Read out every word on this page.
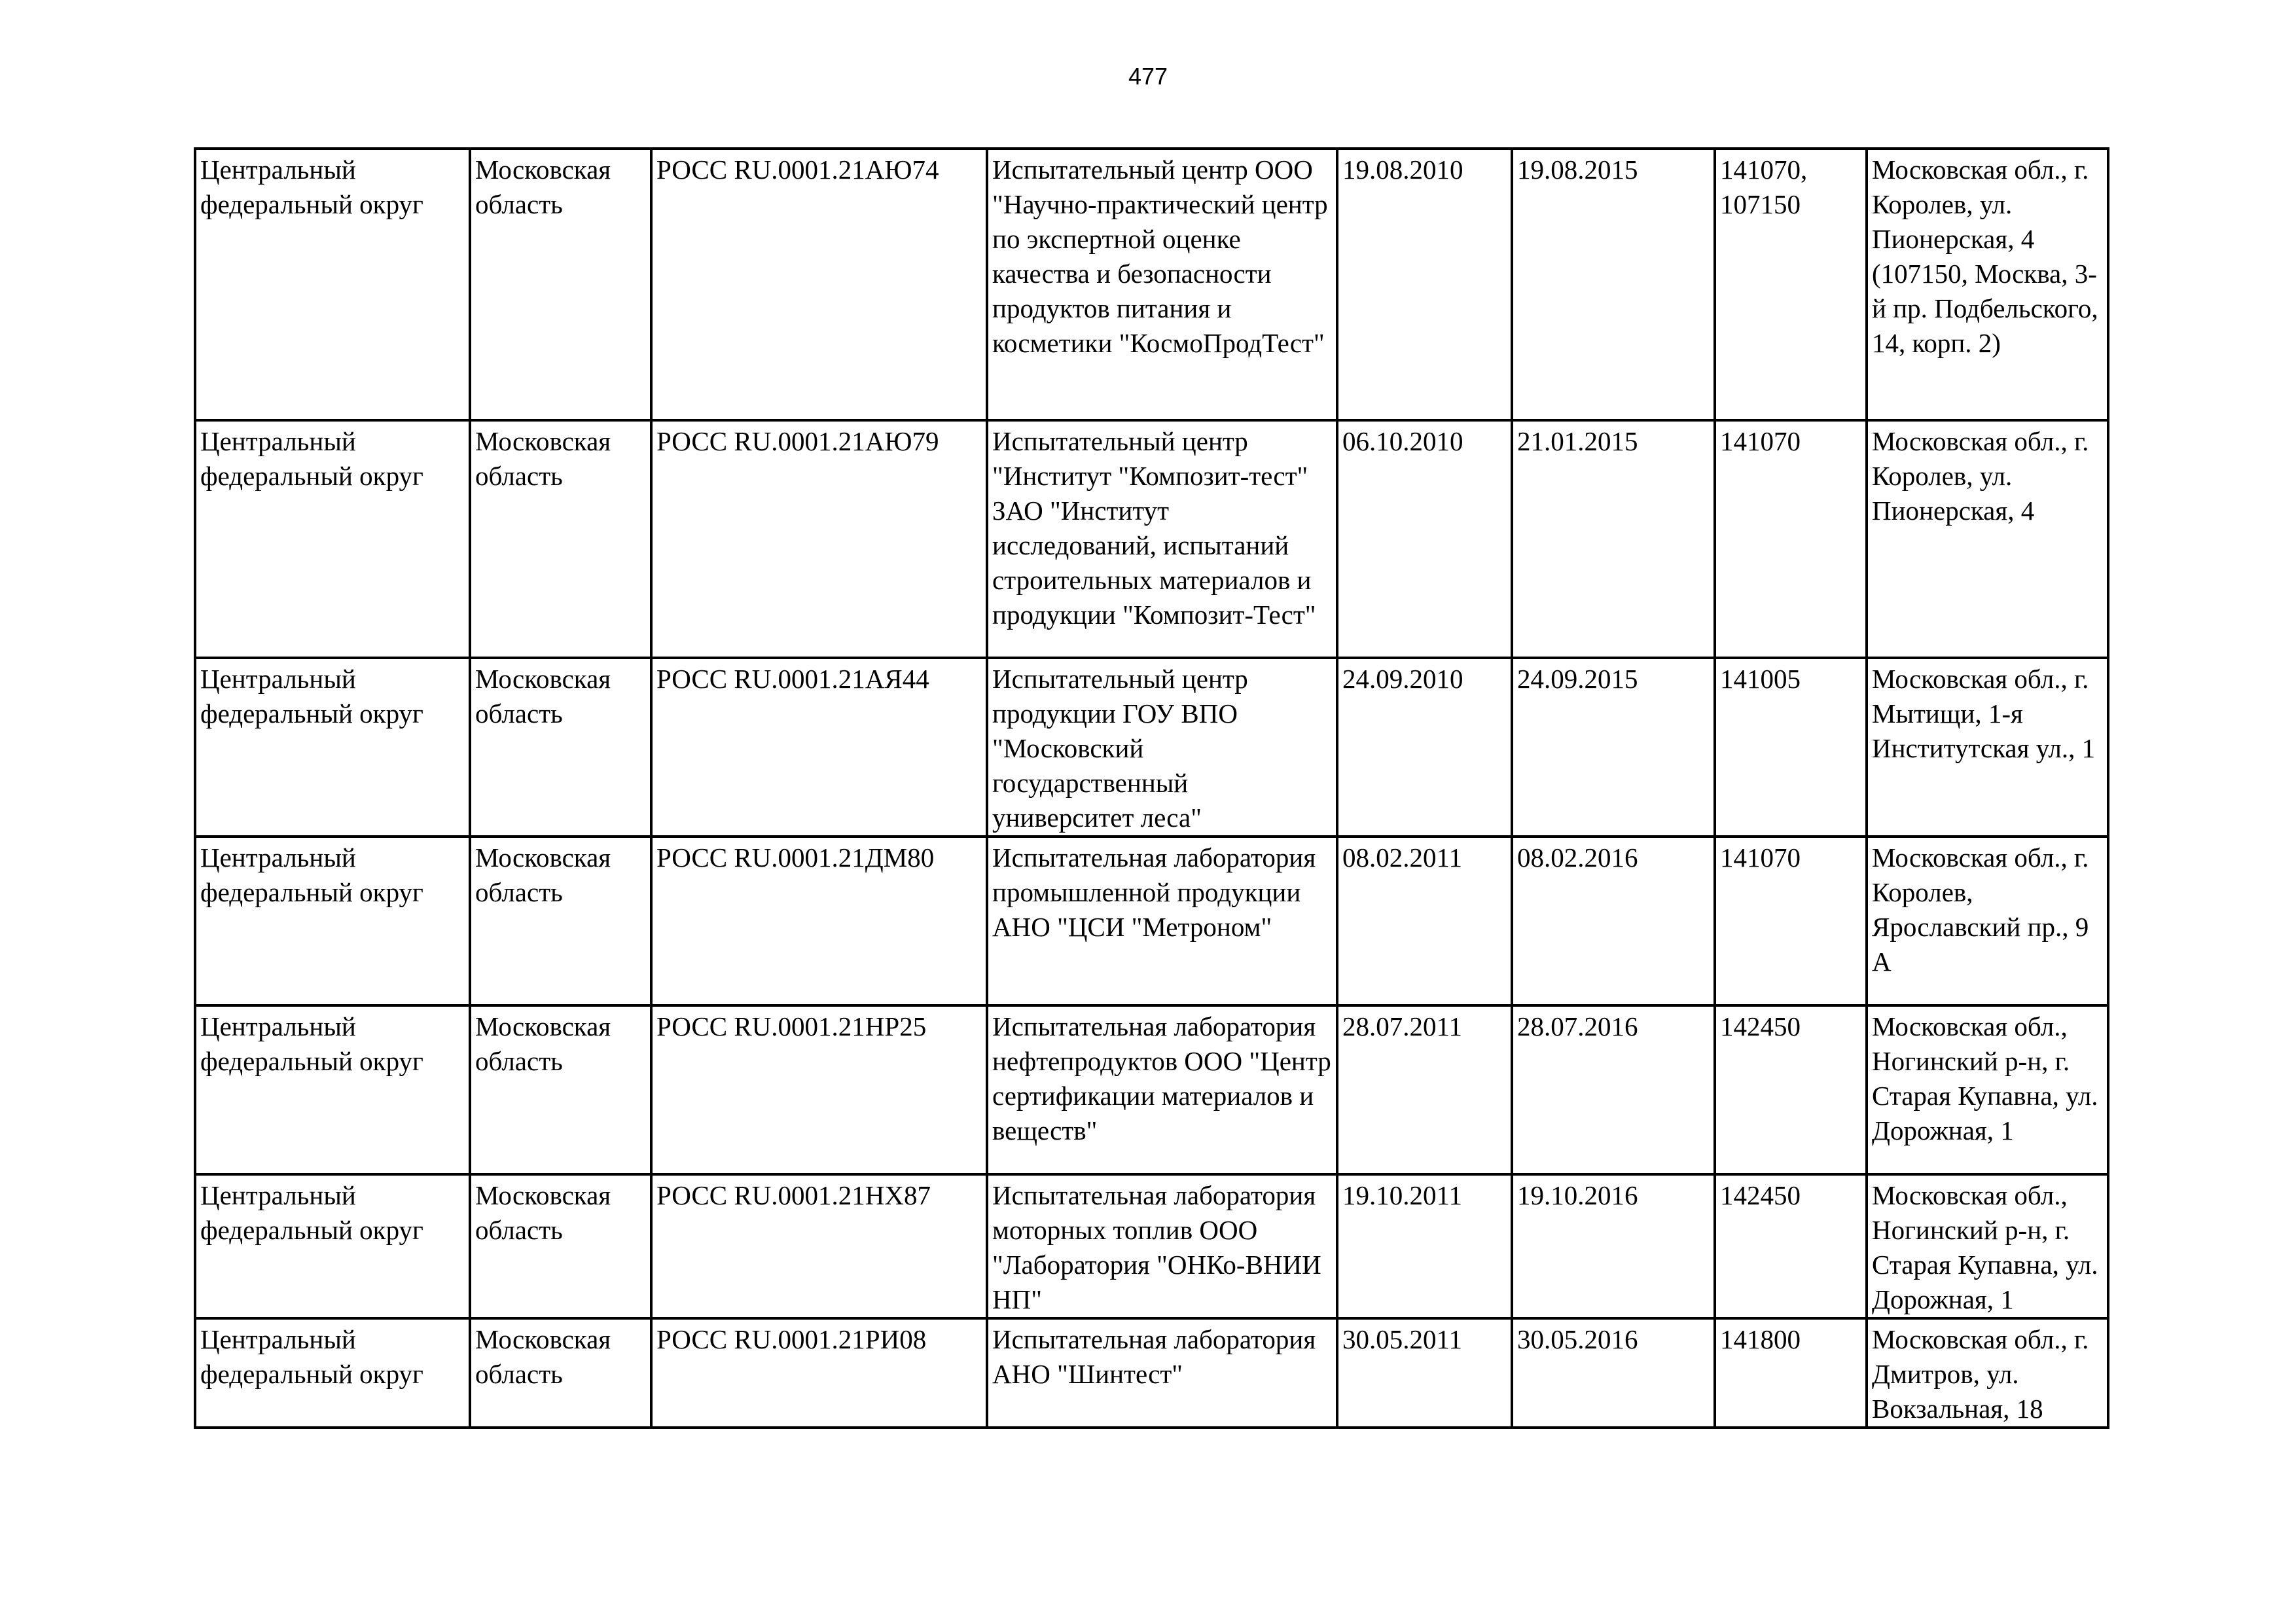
477
Центральный федеральный округ	Московская область	РОСС RU.0001.21АЮ74	Испытательный центр ООО "Научно-практический центр по экспертной оценке качества и безопасности продуктов питания и косметики "КосмоПродТест"	19.08.2010	19.08.2015	141070, 107150	Московская обл., г. Королев, ул. Пионерская, 4 (107150, Москва, 3-й пр. Подбельского, 14, корп. 2)
Центральный федеральный округ	Московская область	РОСС RU.0001.21АЮ79	Испытательный центр "Институт "Композит-тест" ЗАО "Институт исследований, испытаний строительных материалов и продукции "Композит-Тест"	06.10.2010	21.01.2015	141070	Московская обл., г. Королев, ул. Пионерская, 4
Центральный федеральный округ	Московская область	РОСС RU.0001.21АЯ44	Испытательный центр продукции ГОУ ВПО "Московский государственный университет леса"	24.09.2010	24.09.2015	141005	Московская обл., г. Мытищи, 1-я Институтская ул., 1
Центральный федеральный округ	Московская область	РОСС RU.0001.21ДМ80	Испытательная лаборатория промышленной продукции АНО "ЦСИ "Метроном"	08.02.2011	08.02.2016	141070	Московская обл., г. Королев, Ярославский пр., 9 А
Центральный федеральный округ	Московская область	РОСС RU.0001.21НР25	Испытательная лаборатория нефтепродуктов ООО "Центр сертификации материалов и веществ"	28.07.2011	28.07.2016	142450	Московская обл., Ногинский р-н, г. Старая Купавна, ул. Дорожная, 1
Центральный федеральный округ	Московская область	РОСС RU.0001.21НХ87	Испытательная лаборатория моторных топлив ООО "Лаборатория "ОНКо-ВНИИ НП"	19.10.2011	19.10.2016	142450	Московская обл., Ногинский р-н, г. Старая Купавна, ул. Дорожная, 1
Центральный федеральный округ	Московская область	РОСС RU.0001.21РИ08	Испытательная лаборатория АНО "Шинтест"	30.05.2011	30.05.2016	141800	Московская обл., г. Дмитров, ул. Вокзальная, 18
